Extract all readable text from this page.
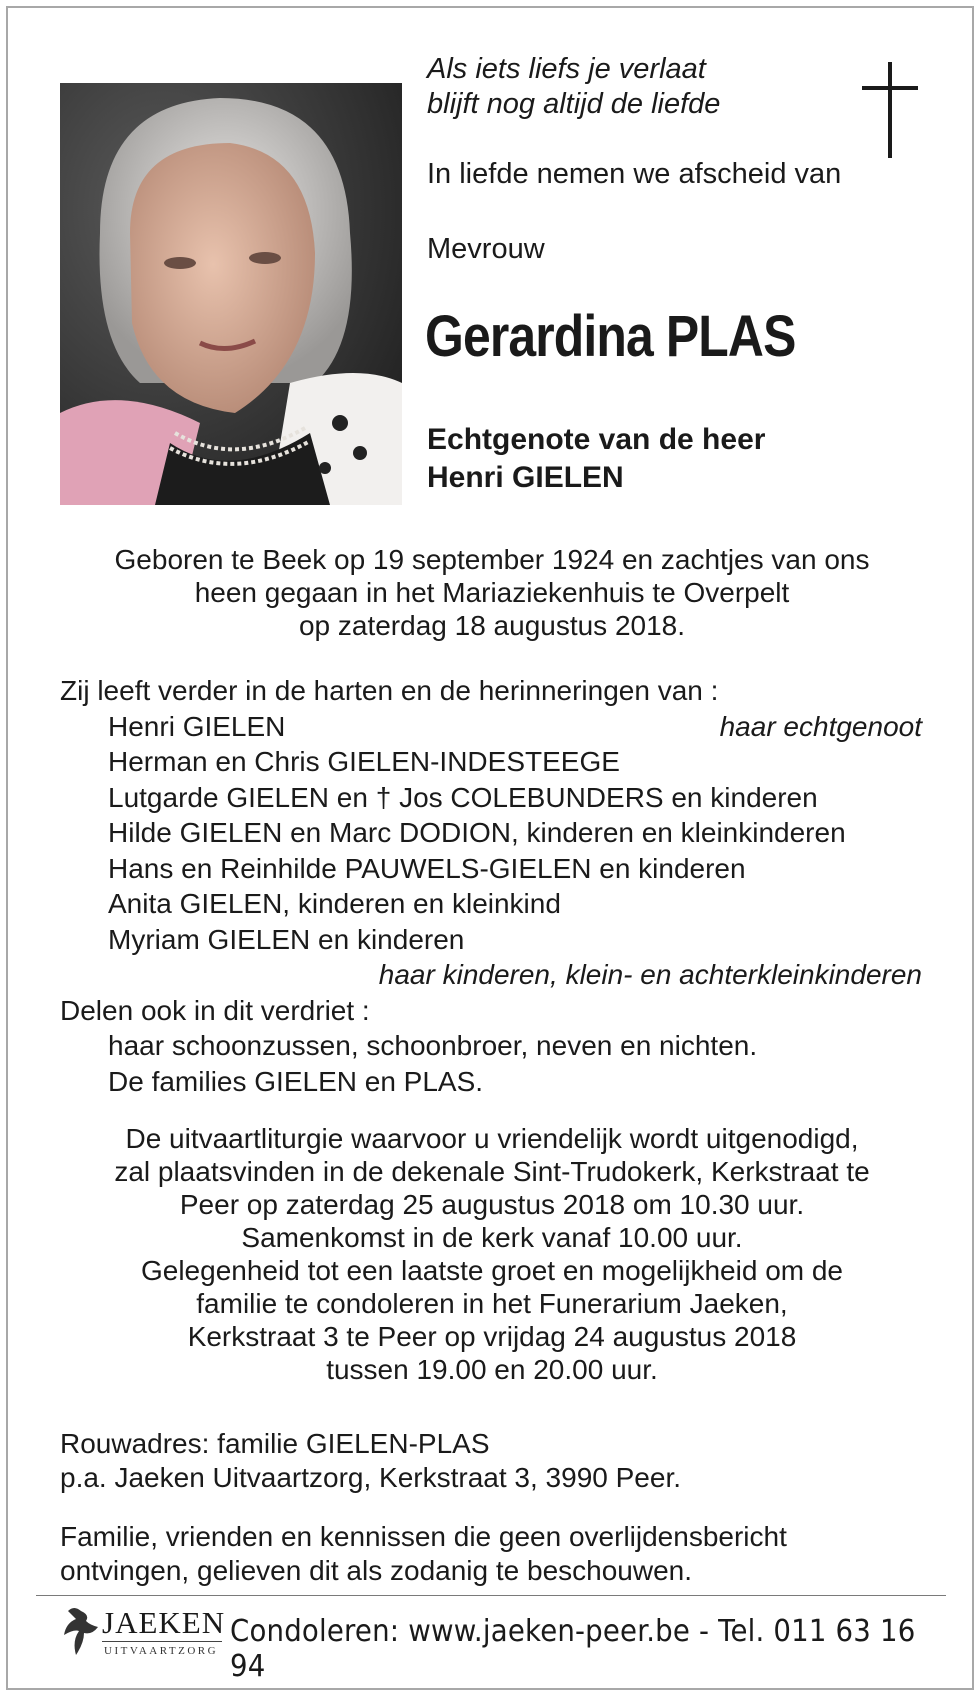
Als iets liefs je verlaat
blijft nog altijd de liefde
In liefde nemen we afscheid van
Mevrouw
Gerardina PLAS
Echtgenote van de heer
Henri GIELEN
Geboren te Beek op 19 september 1924 en zachtjes van ons
heen gegaan in het Mariaziekenhuis te Overpelt
op zaterdag 18 augustus 2018.
Zij leeft verder in de harten en de herinneringen van :
Henri GIELEN	haar echtgenoot
Herman en Chris GIELEN-INDESTEEGE
Lutgarde GIELEN en † Jos COLEBUNDERS en kinderen
Hilde GIELEN en Marc DODION, kinderen en kleinkinderen
Hans en Reinhilde PAUWELS-GIELEN en kinderen
Anita GIELEN, kinderen en kleinkind
Myriam GIELEN en kinderen
haar kinderen, klein- en achterkleinkinderen
Delen ook in dit verdriet :
haar schoonzussen, schoonbroer, neven en nichten.
De families GIELEN en PLAS.
De uitvaartliturgie waarvoor u vriendelijk wordt uitgenodigd,
zal plaatsvinden in de dekenale Sint-Trudokerk, Kerkstraat te
Peer op zaterdag 25 augustus 2018 om 10.30 uur.
Samenkomst in de kerk vanaf 10.00 uur.
Gelegenheid tot een laatste groet en mogelijkheid om de
familie te condoleren in het Funerarium Jaeken,
Kerkstraat 3 te Peer op vrijdag 24 augustus 2018
tussen 19.00 en 20.00 uur.
Rouwadres: familie GIELEN-PLAS
p.a. Jaeken Uitvaartzorg, Kerkstraat 3, 3990 Peer.
Familie, vrienden en kennissen die geen overlijdensbericht
ontvingen, gelieven dit als zodanig te beschouwen.
JAEKEN
UITVAARTZORG
Condoleren: www.jaeken-peer.be - Tel. 011 63 16 94
